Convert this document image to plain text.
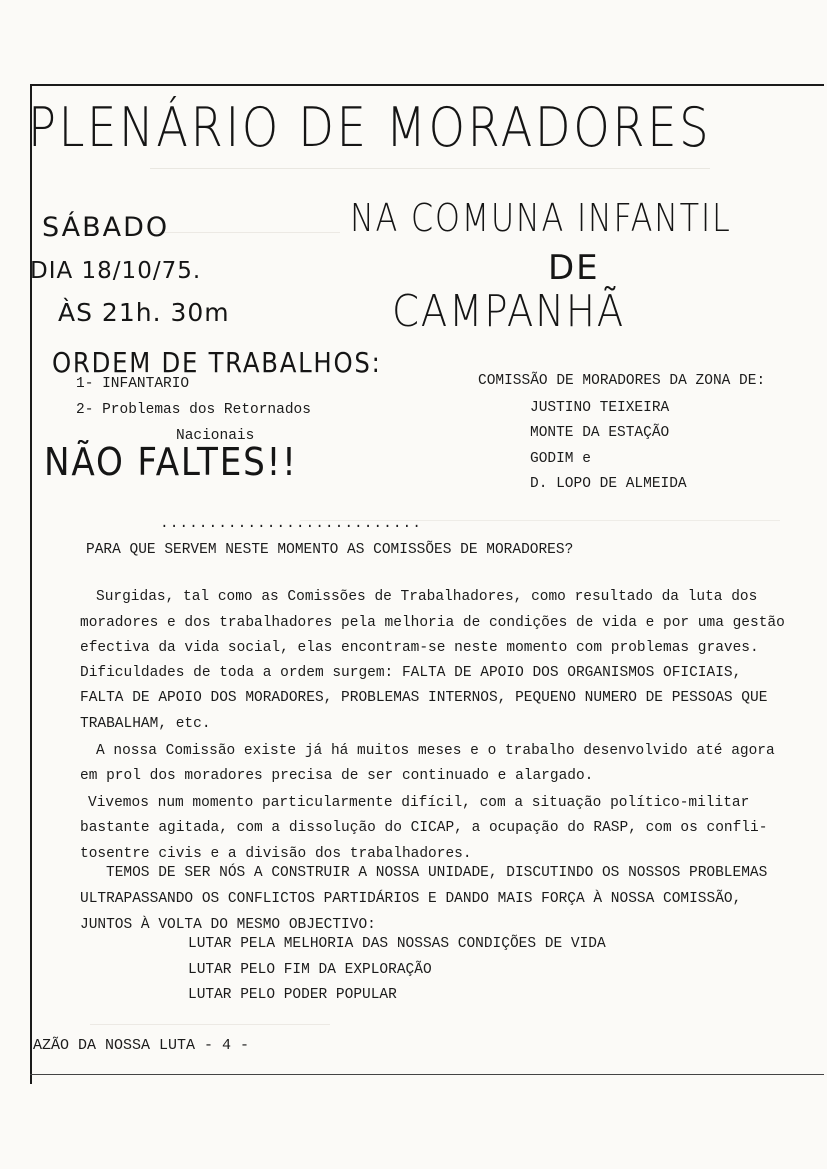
PLENÁRIO DE MORADORES
SÁBADO
DIA 18/10/75.
ÀS 21h. 30m
NA COMUNA INFANTIL
DE
CAMPANHÃ
ORDEM DE TRABALHOS:
NÃO FALTES!!
1- INFANTARIO
2- Problemas dos Retornados
Nacionais
COMISSÃO DE MORADORES DA ZONA DE:
JUSTINO TEIXEIRA
MONTE DA ESTAÇÃO
GODIM e
D. LOPO DE ALMEIDA
...........................
PARA QUE SERVEM NESTE MOMENTO AS COMISSÕES DE MORADORES?
Surgidas, tal como as Comissões de Trabalhadores, como resultado da luta dos
moradores e dos trabalhadores pela melhoria de condições de vida e por uma gestão
efectiva da vida social, elas encontram-se neste momento com problemas graves.
Dificuldades de toda a ordem surgem: FALTA DE APOIO DOS ORGANISMOS OFICIAIS,
FALTA DE APOIO DOS MORADORES, PROBLEMAS INTERNOS, PEQUENO NUMERO DE PESSOAS QUE
TRABALHAM, etc.
A nossa Comissão existe já há muitos meses e o trabalho desenvolvido até agora
em prol dos moradores precisa de ser continuado e alargado.
Vivemos num momento particularmente difícil, com a situação político-militar
bastante agitada, com a dissolução do CICAP, a ocupação do RASP, com os confli-
tosentre civis e a divisão dos trabalhadores.
TEMOS DE SER NÓS A CONSTRUIR A NOSSA UNIDADE, DISCUTINDO OS NOSSOS PROBLEMAS
ULTRAPASSANDO OS CONFLICTOS PARTIDÁRIOS E DANDO MAIS FORÇA À NOSSA COMISSÃO,
JUNTOS À VOLTA DO MESMO OBJECTIVO:
LUTAR PELA MELHORIA DAS NOSSAS CONDIÇÕES DE VIDA
LUTAR PELO FIM DA EXPLORAÇÃO
LUTAR PELO PODER POPULAR
AZÃO DA NOSSA LUTA - 4 -
